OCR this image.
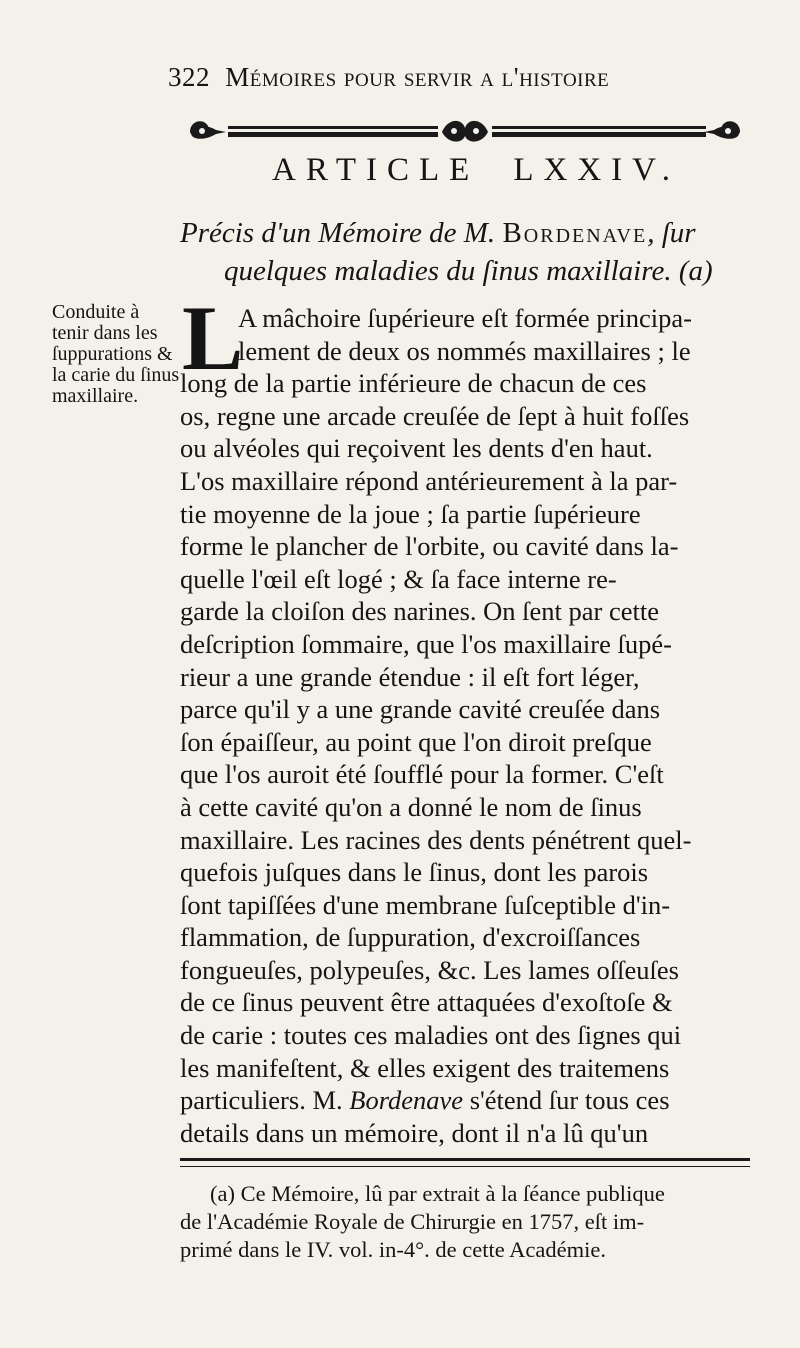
322 Mémoires pour servir a l'histoire
ARTICLE LXXIV.
Précis d'un Mémoire de M. Bordenave, ſur
quelques maladies du ſinus maxillaire. (a)
Conduite à tenir dans les ſuppurations & la carie du ſinus maxillaire.
L
A mâchoire ſupérieure eſt formée principa-
lement de deux os nommés maxillaires ; le
long de la partie inférieure de chacun de ces
os, regne une arcade creuſée de ſept à huit foſſes
ou alvéoles qui reçoivent les dents d'en haut.
L'os maxillaire répond antérieurement à la par-
tie moyenne de la joue ; ſa partie ſupérieure
forme le plancher de l'orbite, ou cavité dans la-
quelle l'œil eſt logé ; & ſa face interne re-
garde la cloiſon des narines. On ſent par cette
deſcription ſommaire, que l'os maxillaire ſupé-
rieur a une grande étendue : il eſt fort léger,
parce qu'il y a une grande cavité creuſée dans
ſon épaiſſeur, au point que l'on diroit preſque
que l'os auroit été ſoufflé pour la former. C'eſt
à cette cavité qu'on a donné le nom de ſinus
maxillaire. Les racines des dents pénétrent quel-
quefois juſques dans le ſinus, dont les parois
ſont tapiſſées d'une membrane ſuſceptible d'in-
flammation, de ſuppuration, d'excroiſſances
fongueuſes, polypeuſes, &c. Les lames oſſeuſes
de ce ſinus peuvent être attaquées d'exoſtoſe &
de carie : toutes ces maladies ont des ſignes qui
les manifeſtent, & elles exigent des traitemens
particuliers. M. Bordenave s'étend ſur tous ces
details dans un mémoire, dont il n'a lû qu'un
(a) Ce Mémoire, lû par extrait à la ſéance publique
de l'Académie Royale de Chirurgie en 1757, eſt im-
primé dans le IV. vol. in-4°. de cette Académie.
